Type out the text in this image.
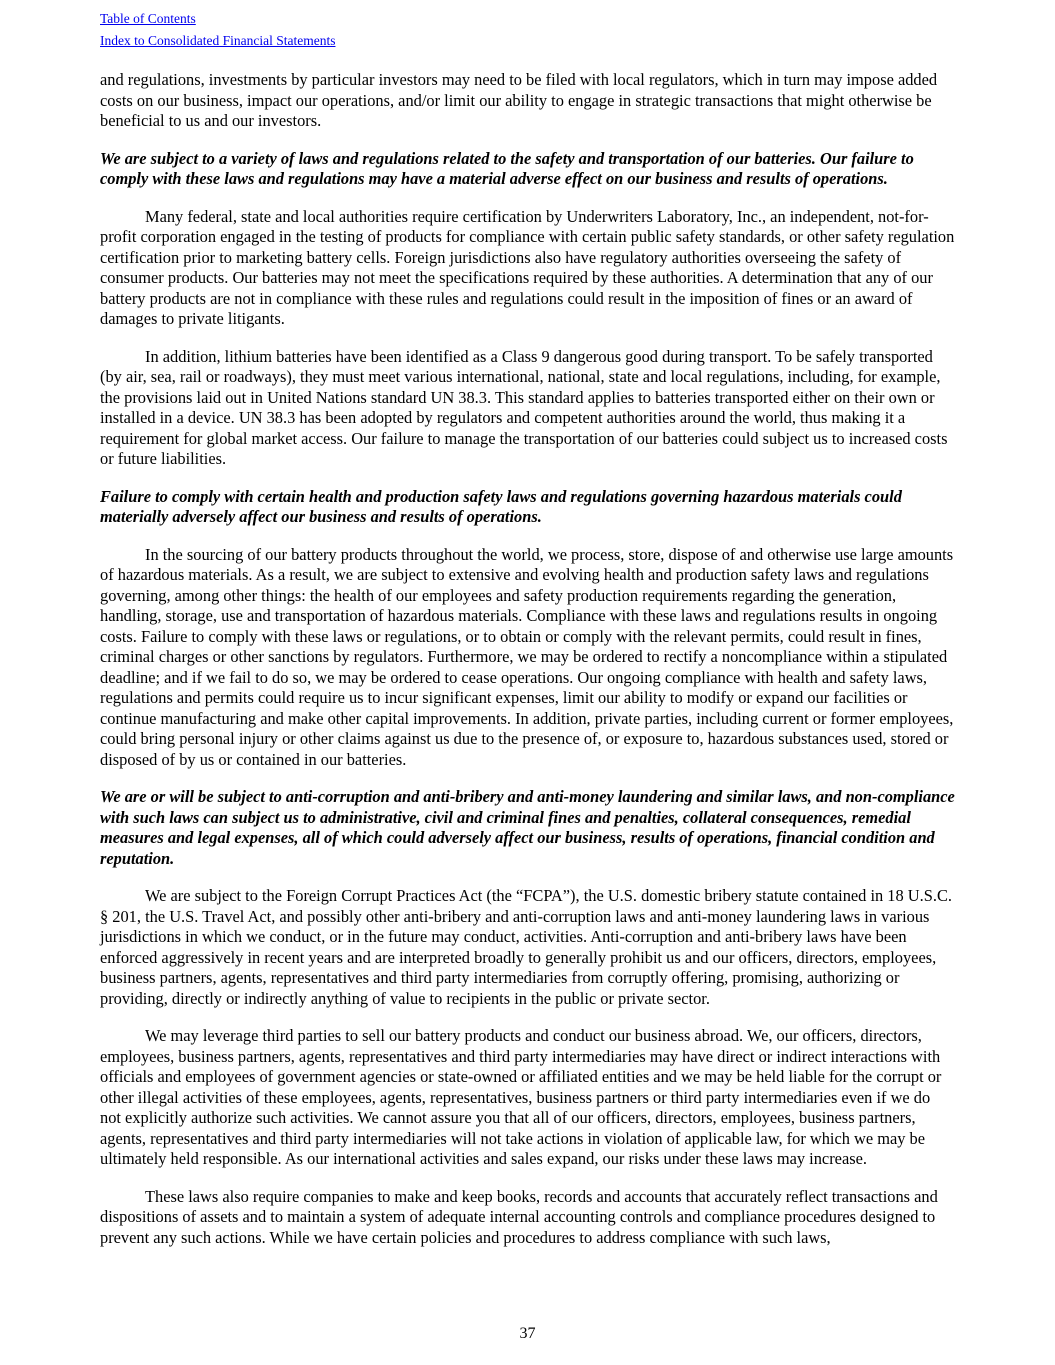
Table of Contents
Index to Consolidated Financial Statements

and regulations, investments by particular investors may need to be filed with local regulators, which in turn may impose added costs on our business, impact our operations, and/or limit our ability to engage in strategic transactions that might otherwise be beneficial to us and our investors.

We are subject to a variety of laws and regulations related to the safety and transportation of our batteries. Our failure to comply with these laws and regulations may have a material adverse effect on our business and results of operations.

Many federal, state and local authorities require certification by Underwriters Laboratory, Inc., an independent, not-for-profit corporation engaged in the testing of products for compliance with certain public safety standards, or other safety regulation certification prior to marketing battery cells. Foreign jurisdictions also have regulatory authorities overseeing the safety of consumer products. Our batteries may not meet the specifications required by these authorities. A determination that any of our battery products are not in compliance with these rules and regulations could result in the imposition of fines or an award of damages to private litigants.

In addition, lithium batteries have been identified as a Class 9 dangerous good during transport. To be safely transported (by air, sea, rail or roadways), they must meet various international, national, state and local regulations, including, for example, the provisions laid out in United Nations standard UN 38.3. This standard applies to batteries transported either on their own or installed in a device. UN 38.3 has been adopted by regulators and competent authorities around the world, thus making it a requirement for global market access. Our failure to manage the transportation of our batteries could subject us to increased costs or future liabilities.

Failure to comply with certain health and production safety laws and regulations governing hazardous materials could materially adversely affect our business and results of operations.

In the sourcing of our battery products throughout the world, we process, store, dispose of and otherwise use large amounts of hazardous materials. As a result, we are subject to extensive and evolving health and production safety laws and regulations governing, among other things: the health of our employees and safety production requirements regarding the generation, handling, storage, use and transportation of hazardous materials. Compliance with these laws and regulations results in ongoing costs. Failure to comply with these laws or regulations, or to obtain or comply with the relevant permits, could result in fines, criminal charges or other sanctions by regulators. Furthermore, we may be ordered to rectify a noncompliance within a stipulated deadline; and if we fail to do so, we may be ordered to cease operations. Our ongoing compliance with health and safety laws, regulations and permits could require us to incur significant expenses, limit our ability to modify or expand our facilities or continue manufacturing and make other capital improvements. In addition, private parties, including current or former employees, could bring personal injury or other claims against us due to the presence of, or exposure to, hazardous substances used, stored or disposed of by us or contained in our batteries.

We are or will be subject to anti-corruption and anti-bribery and anti-money laundering and similar laws, and non-compliance with such laws can subject us to administrative, civil and criminal fines and penalties, collateral consequences, remedial measures and legal expenses, all of which could adversely affect our business, results of operations, financial condition and reputation.

We are subject to the Foreign Corrupt Practices Act (the “FCPA”), the U.S. domestic bribery statute contained in 18 U.S.C. § 201, the U.S. Travel Act, and possibly other anti-bribery and anti-corruption laws and anti-money laundering laws in various jurisdictions in which we conduct, or in the future may conduct, activities. Anti-corruption and anti-bribery laws have been enforced aggressively in recent years and are interpreted broadly to generally prohibit us and our officers, directors, employees, business partners, agents, representatives and third party intermediaries from corruptly offering, promising, authorizing or providing, directly or indirectly anything of value to recipients in the public or private sector.

We may leverage third parties to sell our battery products and conduct our business abroad. We, our officers, directors, employees, business partners, agents, representatives and third party intermediaries may have direct or indirect interactions with officials and employees of government agencies or state-owned or affiliated entities and we may be held liable for the corrupt or other illegal activities of these employees, agents, representatives, business partners or third party intermediaries even if we do not explicitly authorize such activities. We cannot assure you that all of our officers, directors, employees, business partners, agents, representatives and third party intermediaries will not take actions in violation of applicable law, for which we may be ultimately held responsible. As our international activities and sales expand, our risks under these laws may increase.

These laws also require companies to make and keep books, records and accounts that accurately reflect transactions and dispositions of assets and to maintain a system of adequate internal accounting controls and compliance procedures designed to prevent any such actions. While we have certain policies and procedures to address compliance with such laws,

37
